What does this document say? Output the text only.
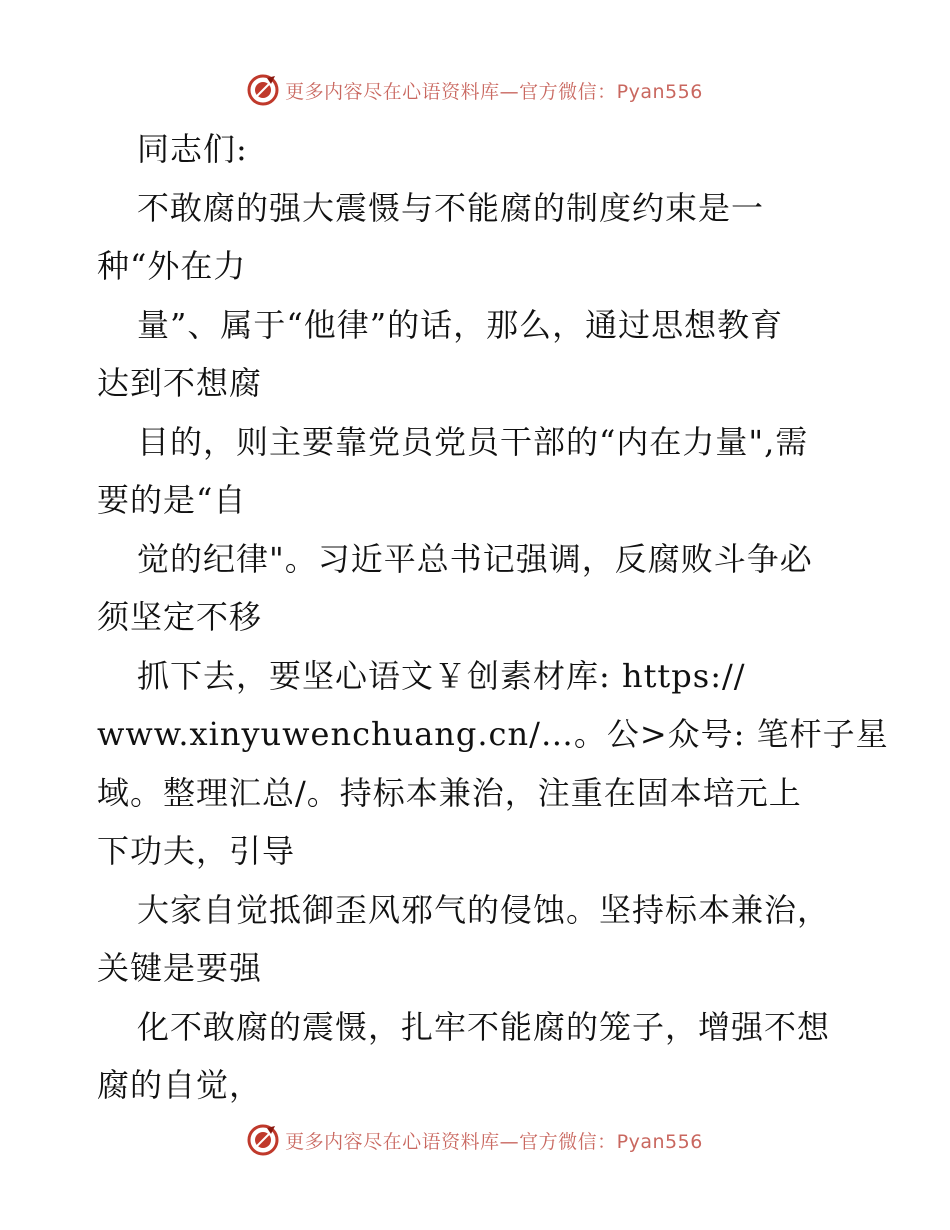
更多内容尽在心语资料库—官方微信：Pyan556
同志们:
不敢腐的强大震慑与不能腐的制度约束是一
种“外在力
量”、属于“他律”的话，那么，通过思想教育
达到不想腐
目的，则主要靠党员党员干部的“内在力量",需
要的是“自
觉的纪律"。习近平总书记强调，反腐败斗争必
须坚定不移
抓下去，要坚心语文￥创素材库: https://
www.xinyuwenchuang.cn/…。公>众号: 笔杆子星
域。整理汇总/。持标本兼治，注重在固本培元上
下功夫，引导
大家自觉抵御歪风邪气的侵蚀。坚持标本兼治，
关键是要强
化不敢腐的震慑，扎牢不能腐的笼子，增强不想
腐的自觉，
更多内容尽在心语资料库—官方微信：Pyan556
